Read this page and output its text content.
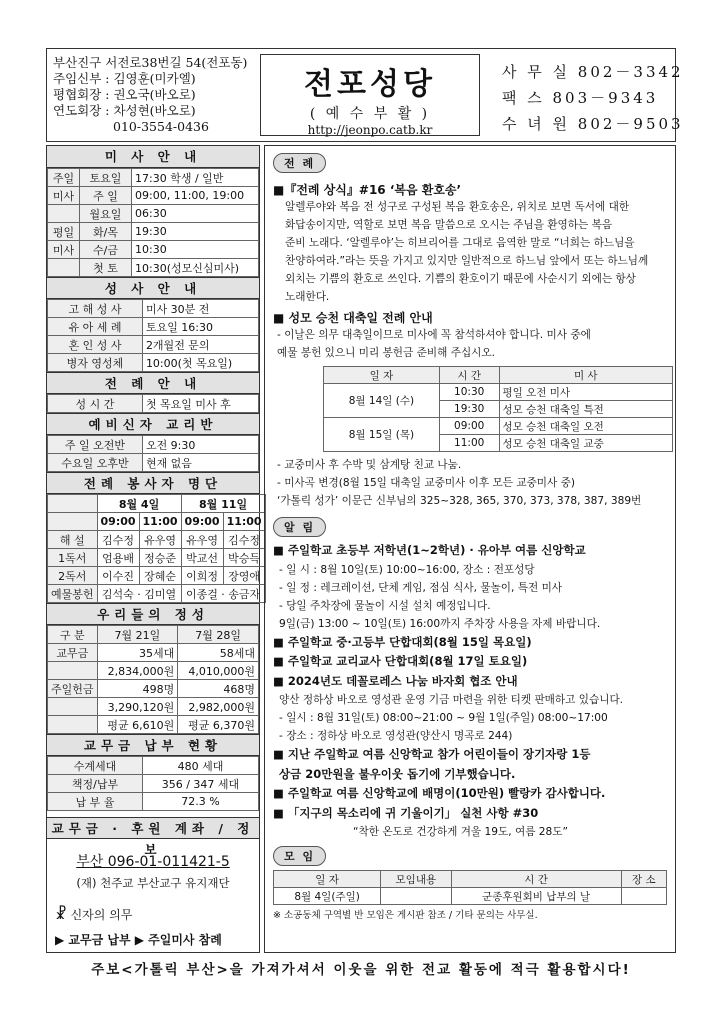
부산진구 서전로38번길 54(전포동)
주임신부 : 김영훈(미카엘)
평협회장 : 권오국(바오로)
연도회장 : 차성현(바오로)
010-3554-0436
전포성당
( 예 수 부 활 )
http://jeonpo.catb.kr
사 무 실 802－3342
팩 스 803－9343
수 녀 원 802－9503
미 사 안 내
주일	토요일	17:30 학생 / 일반
미사	주 일	09:00, 11:00, 19:00
	월요일	06:30
평일	화/목	19:30
미사	수/금	10:30
	첫 토	10:30(성모신심미사)
성 사 안 내
고 해 성 사	미사 30분 전
유 아 세 례	토요일 16:30
혼 인 성 사	2개월전 문의
병자 영성체	10:00(첫 목요일)
전 례 안 내
성 시 간	첫 목요일 미사 후
예비신자 교리반
주 일 오전반	오전 9:30
수요일 오후반	현재 없음
전례 봉사자 명단
	8월 4일		8월 11일	
	09:00	11:00	09:00	11:00
해 설	김수정	유우영	유우영	김수정
1독서	엄용배	정승준	박교선	박승득
2독서	이수진	장혜순	이희정	장영애
예물봉헌	김석숙 · 김미열		이종걸 · 송금자	
우리들의 정성
구 분	7월 21일	7월 28일
교무금	35세대	58세대
	2,834,000원	4,010,000원
주일헌금	498명	468명
	3,290,120원	2,982,000원
	평균 6,610원	평균 6,370원
교무금 납부 현황
수계세대	480 세대
책정/납부	356 / 347 세대
납 부 율	72.3 %
교무금 · 후원 계좌 / 정보
부산 096-01-011421-5
(재) 천주교 부산교구 유지재단
☧ 신자의 의무
▶ 교무금 납부 ▶ 주일미사 참례
전 례
■『전례 상식』#16 ‘복음 환호송’
알렐루야와 복음 전 성구로 구성된 복음 환호송은, 위치로 보면 독서에 대한
화답송이지만, 역할로 보면 복음 말씀으로 오시는 주님을 환영하는 복음
준비 노래다. ‘알렐루야’는 히브리어를 그대로 음역한 말로 “너희는 하느님을
찬양하여라.”라는 뜻을 가지고 있지만 일반적으로 하느님 앞에서 또는 하느님께
외치는 기쁨의 환호로 쓰인다. 기쁨의 환호이기 때문에 사순시기 외에는 항상
노래한다.
■ 성모 승천 대축일 전례 안내
- 이날은 의무 대축일이므로 미사에 꼭 참석하셔야 합니다. 미사 중에
예물 봉헌 있으니 미리 봉헌금 준비해 주십시오.
일 자	시 간	미 사
8월 14일 (수)	10:30	평일 오전 미사
	19:30	성모 승천 대축일 특전
8월 15일 (목)	09:00	성모 승천 대축일 오전
	11:00	성모 승천 대축일 교중
- 교중미사 후 수박 및 삼계탕 친교 나눔.
- 미사곡 변경(8월 15일 대축일 교중미사 이후 모든 교중미사 중)
‘가톨릭 성가’ 이문근 신부님의 325~328, 365, 370, 373, 378, 387, 389번
알 림
■ 주일학교 초등부 저학년(1~2학년) · 유아부 여름 신앙학교
- 일 시 : 8월 10일(토) 10:00~16:00, 장소 : 전포성당
- 일 정 : 레크레이션, 단체 게임, 점심 식사, 물놀이, 특전 미사
- 당일 주차장에 물놀이 시설 설치 예정입니다.
9일(금) 13:00 ~ 10일(토) 16:00까지 주차장 사용을 자제 바랍니다.
■ 주일학교 중·고등부 단합대회(8월 15일 목요일)
■ 주일학교 교리교사 단합대회(8월 17일 토요일)
■ 2024년도 데꼴로레스 나눔 바자회 협조 안내
양산 정하상 바오로 영성관 운영 기금 마련을 위한 티켓 판매하고 있습니다.
- 일시 : 8월 31일(토) 08:00~21:00 ~ 9월 1일(주일) 08:00~17:00
- 장소 : 정하상 바오로 영성관(양산시 명곡로 244)
■ 지난 주일학교 여름 신앙학교 참가 어린이들이 장기자랑 1등
상금 20만원을 불우이웃 돕기에 기부했습니다.
■ 주일학교 여름 신앙학교에 배명이(10만원) 빨랑카 감사합니다.
■ 「지구의 목소리에 귀 기울이기」 실천 사항 #30
“착한 온도로 건강하게 겨울 19도, 여름 28도”
모 임
일 자	모임내용	시 간	장 소
8월 4일(주일)		군종후원회비 납부의 날	
※ 소공동체 구역별 반 모임은 게시판 참조 / 기타 문의는 사무실.
주보<가톨릭 부산>을 가져가셔서 이웃을 위한 전교 활동에 적극 활용합시다!
